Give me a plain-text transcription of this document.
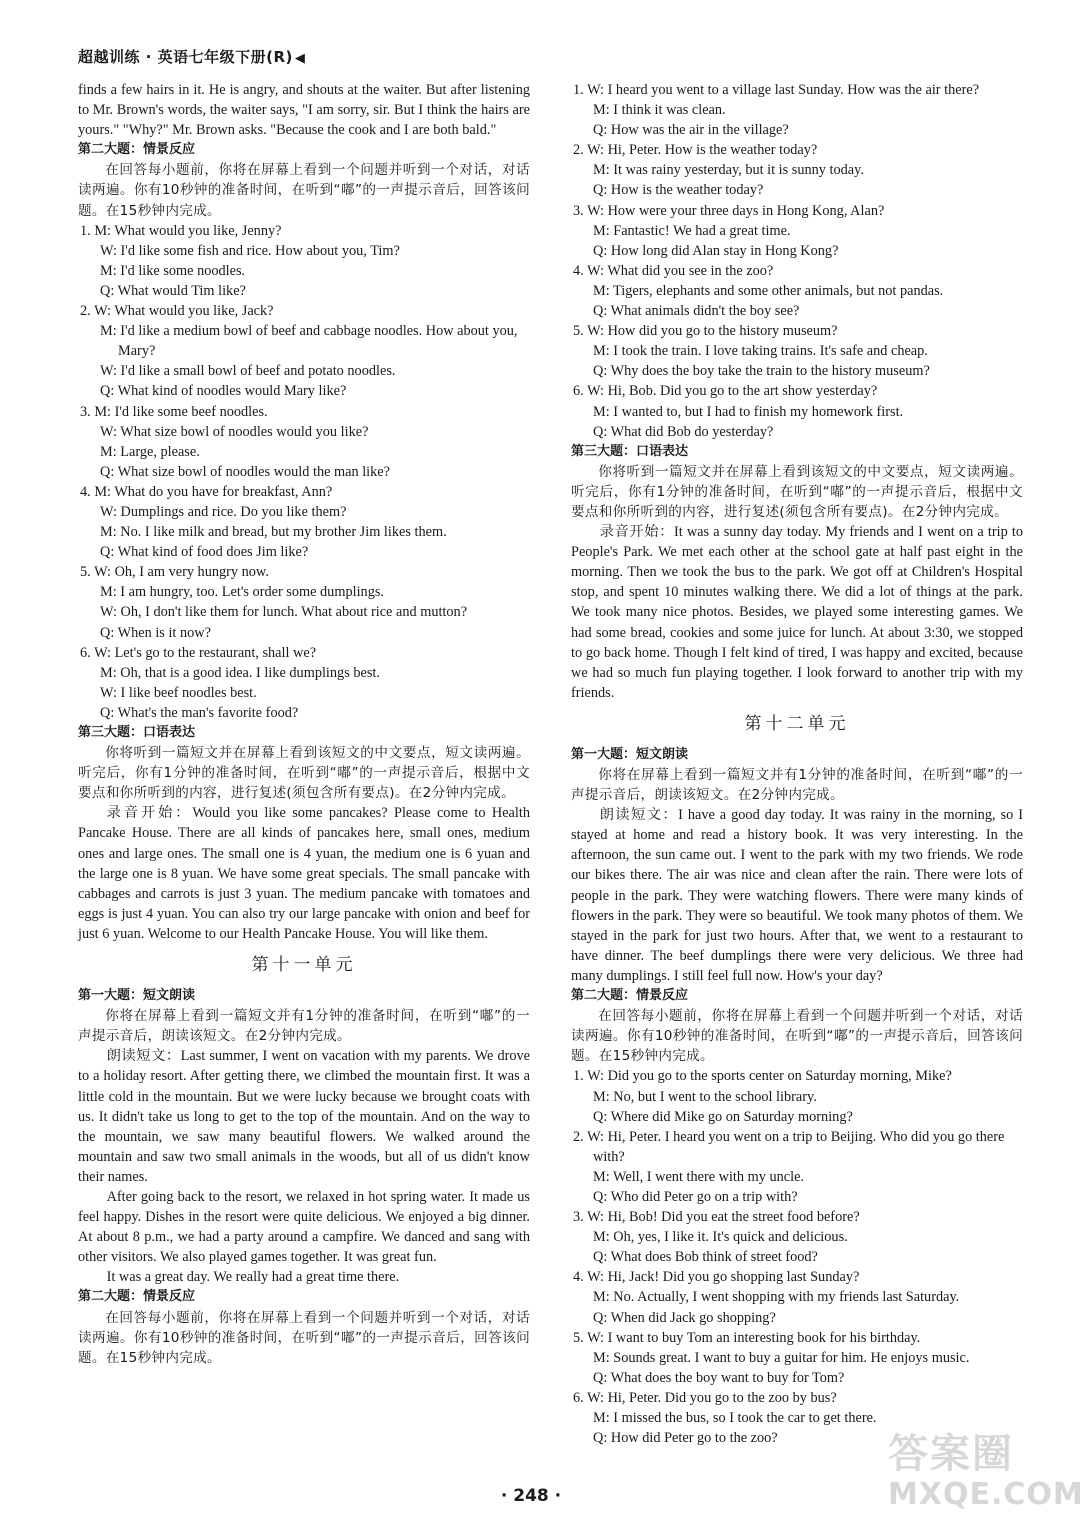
超越训练 · 英语七年级下册(R) ◀

finds a few hairs in it. He is angry, and shouts at the waiter. But after listening to Mr. Brown's words, the waiter says, "I am sorry, sir. But I think the hairs are yours." "Why?" Mr. Brown asks. "Because the cook and I are both bald."

第二大题：情景反应

在回答每小题前，你将在屏幕上看到一个问题并听到一个对话，对话读两遍。你有10秒钟的准备时间，在听到“嘟”的一声提示音后，回答该问题。在15秒钟内完成。

1. M: What would you like, Jenny?
W: I'd like some fish and rice. How about you, Tim?
M: I'd like some noodles.
Q: What would Tim like?
2. W: What would you like, Jack?
M: I'd like a medium bowl of beef and cabbage noodles. How about you, Mary?
W: I'd like a small bowl of beef and potato noodles.
Q: What kind of noodles would Mary like?
3. M: I'd like some beef noodles.
W: What size bowl of noodles would you like?
M: Large, please.
Q: What size bowl of noodles would the man like?
4. M: What do you have for breakfast, Ann?
W: Dumplings and rice. Do you like them?
M: No. I like milk and bread, but my brother Jim likes them.
Q: What kind of food does Jim like?
5. W: Oh, I am very hungry now.
M: I am hungry, too. Let's order some dumplings.
W: Oh, I don't like them for lunch. What about rice and mutton?
Q: When is it now?
6. W: Let's go to the restaurant, shall we?
M: Oh, that is a good idea. I like dumplings best.
W: I like beef noodles best.
Q: What's the man's favorite food?
第三大题：口语表达

你将听到一篇短文并在屏幕上看到该短文的中文要点，短文读两遍。听完后，你有1分钟的准备时间，在听到“嘟”的一声提示音后，根据中文要点和你所听到的内容，进行复述(须包含所有要点)。在2分钟内完成。

录音开始：Would you like some pancakes? Please come to Health Pancake House. There are all kinds of pancakes here, small ones, medium ones and large ones. The small one is 4 yuan, the medium one is 6 yuan and the large one is 8 yuan. We have some great specials. The small pancake with cabbages and carrots is just 3 yuan. The medium pancake with tomatoes and eggs is just 4 yuan. You can also try our large pancake with onion and beef for just 6 yuan. Welcome to our Health Pancake House. You will like them.

第十一单元
第一大题：短文朗读

你将在屏幕上看到一篇短文并有1分钟的准备时间，在听到“嘟”的一声提示音后，朗读该短文。在2分钟内完成。

朗读短文：Last summer, I went on vacation with my parents. We drove to a holiday resort. After getting there, we climbed the mountain first. It was a little cold in the mountain. But we were lucky because we brought coats with us. It didn't take us long to get to the top of the mountain. And on the way to the mountain, we saw many beautiful flowers. We walked around the mountain and saw two small animals in the woods, but all of us didn't know their names.

After going back to the resort, we relaxed in hot spring water. It made us feel happy. Dishes in the resort were quite delicious. We enjoyed a big dinner. At about 8 p.m., we had a party around a campfire. We danced and sang with other visitors. We also played games together. It was great fun.

It was a great day. We really had a great time there.

第二大题：情景反应

在回答每小题前，你将在屏幕上看到一个问题并听到一个对话，对话读两遍。你有10秒钟的准备时间，在听到“嘟”的一声提示音后，回答该问题。在15秒钟内完成。

1. W: I heard you went to a village last Sunday. How was the air there?
M: I think it was clean.
Q: How was the air in the village?
2. W: Hi, Peter. How is the weather today?
M: It was rainy yesterday, but it is sunny today.
Q: How is the weather today?
3. W: How were your three days in Hong Kong, Alan?
M: Fantastic! We had a great time.
Q: How long did Alan stay in Hong Kong?
4. W: What did you see in the zoo?
M: Tigers, elephants and some other animals, but not pandas.
Q: What animals didn't the boy see?
5. W: How did you go to the history museum?
M: I took the train. I love taking trains. It's safe and cheap.
Q: Why does the boy take the train to the history museum?
6. W: Hi, Bob. Did you go to the art show yesterday?
M: I wanted to, but I had to finish my homework first.
Q: What did Bob do yesterday?
第三大题：口语表达

你将听到一篇短文并在屏幕上看到该短文的中文要点，短文读两遍。听完后，你有1分钟的准备时间，在听到“嘟”的一声提示音后，根据中文要点和你所听到的内容，进行复述(须包含所有要点)。在2分钟内完成。

录音开始：It was a sunny day today. My friends and I went on a trip to People's Park. We met each other at the school gate at half past eight in the morning. Then we took the bus to the park. We got off at Children's Hospital stop, and spent 10 minutes walking there. We did a lot of things at the park. We took many nice photos. Besides, we played some interesting games. We had some bread, cookies and some juice for lunch. At about 3:30, we stopped to go back home. Though I felt kind of tired, I was happy and excited, because we had so much fun playing together. I look forward to another trip with my friends.

第十二单元
第一大题：短文朗读

你将在屏幕上看到一篇短文并有1分钟的准备时间，在听到“嘟”的一声提示音后，朗读该短文。在2分钟内完成。

朗读短文：I have a good day today. It was rainy in the morning, so I stayed at home and read a history book. It was very interesting. In the afternoon, the sun came out. I went to the park with my two friends. We rode our bikes there. The air was nice and clean after the rain. There were lots of people in the park. They were watching flowers. There were many kinds of flowers in the park. They were so beautiful. We took many photos of them. We stayed in the park for just two hours. After that, we went to a restaurant to have dinner. The beef dumplings there were very delicious. We three had many dumplings. I still feel full now. How's your day?

第二大题：情景反应

在回答每小题前，你将在屏幕上看到一个问题并听到一个对话，对话读两遍。你有10秒钟的准备时间，在听到“嘟”的一声提示音后，回答该问题。在15秒钟内完成。

1. W: Did you go to the sports center on Saturday morning, Mike?
M: No, but I went to the school library.
Q: Where did Mike go on Saturday morning?
2. W: Hi, Peter. I heard you went on a trip to Beijing. Who did you go there with?
M: Well, I went there with my uncle.
Q: Who did Peter go on a trip with?
3. W: Hi, Bob! Did you eat the street food before?
M: Oh, yes, I like it. It's quick and delicious.
Q: What does Bob think of street food?
4. W: Hi, Jack! Did you go shopping last Sunday?
M: No. Actually, I went shopping with my friends last Saturday.
Q: When did Jack go shopping?
5. W: I want to buy Tom an interesting book for his birthday.
M: Sounds great. I want to buy a guitar for him. He enjoys music.
Q: What does the boy want to buy for Tom?
6. W: Hi, Peter. Did you go to the zoo by bus?
M: I missed the bus, so I took the car to get there.
Q: How did Peter go to the zoo?
· 248 ·
答案圈
MXQE.COM
